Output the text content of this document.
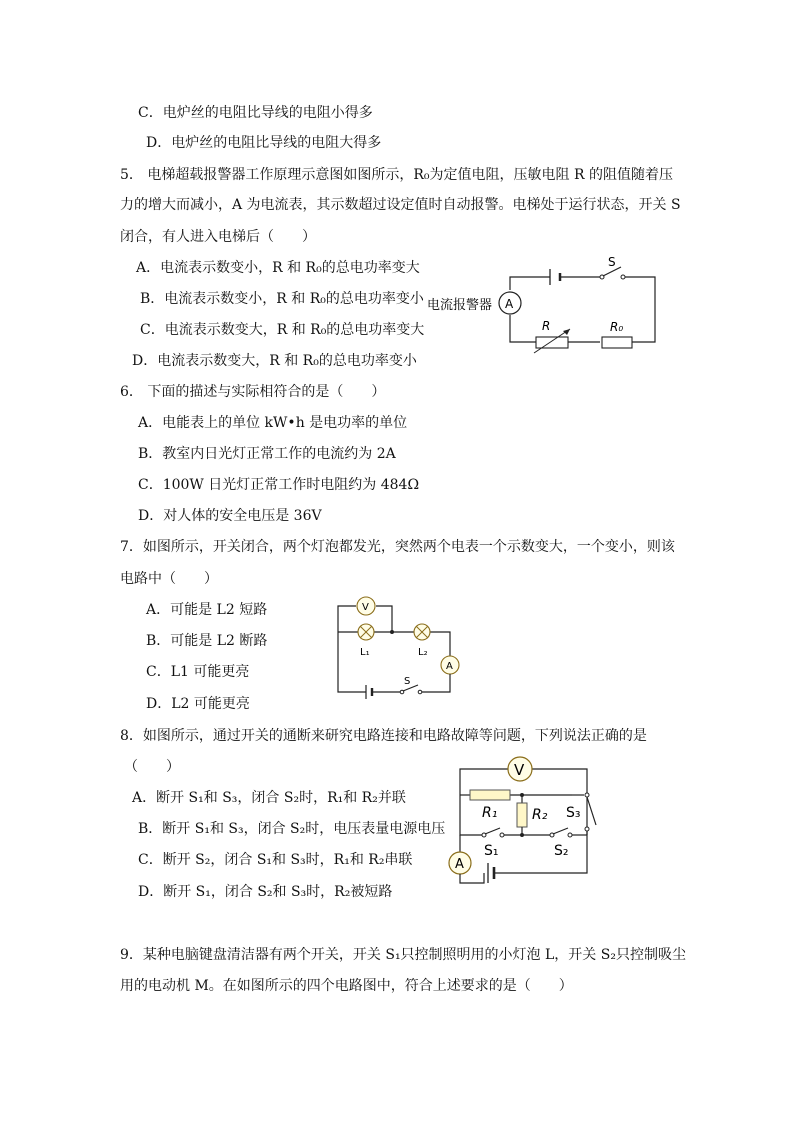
C．电炉丝的电阻比导线的电阻小得多
D．电炉丝的电阻比导线的电阻大得多
5． 电梯超载报警器工作原理示意图如图所示，R₀为定值电阻，压敏电阻 R 的阻值随着压
力的增大而减小，A 为电流表，其示数超过设定值时自动报警。电梯处于运行状态，开关 S
闭合，有人进入电梯后（　　）
A．电流表示数变小，R 和 R₀的总电功率变大
B．电流表示数变小，R 和 R₀的总电功率变小
C．电流表示数变大，R 和 R₀的总电功率变大
D．电流表示数变大，R 和 R₀的总电功率变小
S
A
电流报警器
R	R₀
6． 下面的描述与实际相符合的是（　　）
A．电能表上的单位 kW•h 是电功率的单位
B．教室内日光灯正常工作的电流约为 2A
C．100W 日光灯正常工作时电阻约为 484Ω
D．对人体的安全电压是 36V
7．如图所示，开关闭合，两个灯泡都发光，突然两个电表一个示数变大，一个变小，则该
电路中（　　）
A．可能是 L2 短路
B．可能是 L2 断路
C．L1 可能更亮
D．L2 可能更亮
V
L₁	L₂
A
S
8．如图所示，通过开关的通断来研究电路连接和电路故障等问题，下列说法正确的是
（　　）
A．断开 S₁和 S₃，闭合 S₂时，R₁和 R₂并联
B．断开 S₁和 S₃，闭合 S₂时，电压表量电源电压
C．断开 S₂，闭合 S₁和 S₃时，R₁和 R₂串联
D．断开 S₁，闭合 S₂和 S₃时，R₂被短路
V
R₁ R₂ S₃
S₁	S₂
A
9．某种电脑键盘清洁器有两个开关，开关 S₁只控制照明用的小灯泡 L，开关 S₂只控制吸尘
用的电动机 M。在如图所示的四个电路图中，符合上述要求的是（　　）
